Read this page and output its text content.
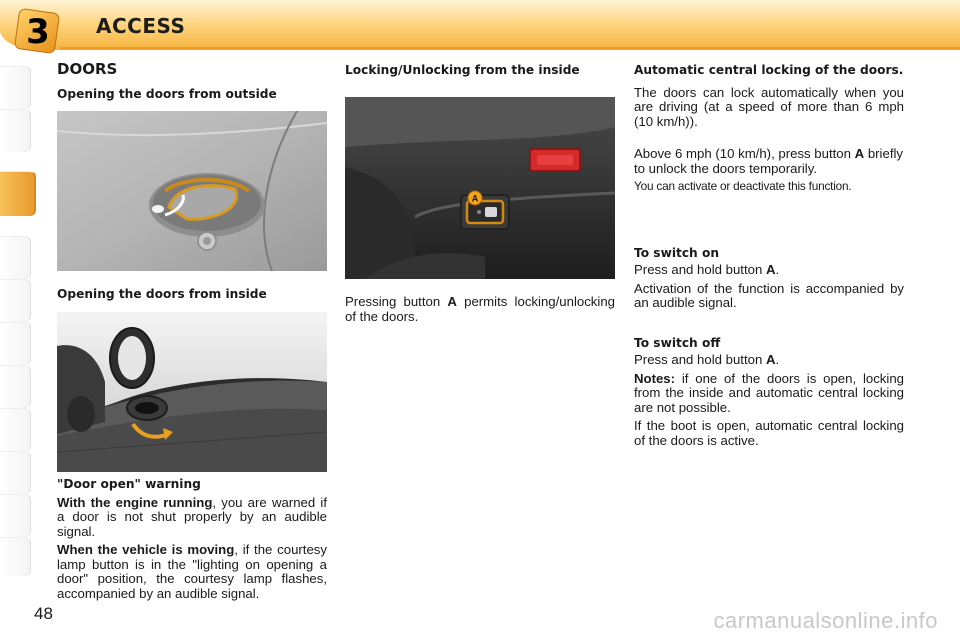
3	ACCESS
DOORS
Opening the doors from outside
Opening the doors from inside
"Door open" warning

With the engine running, you are warned if a door is not shut properly by an audible signal.

When the vehicle is moving, if the courtesy lamp button is in the "lighting on opening a door" position, the courtesy lamp flashes, accompanied by an audible signal.

Locking/Unlocking from the inside
A

Pressing button A permits locking/unlocking of the doors.

Automatic central locking of the doors.

The doors can lock automatically when you are driving (at a speed of more than 6 mph (10 km/h)).

Above 6 mph (10 km/h), press button A briefly to unlock the doors temporarily.

You can activate or deactivate this function.

To switch on

Press and hold button A.

Activation of the function is accompanied by an audible signal.

To switch off

Press and hold button A.

Notes: if one of the doors is open, locking from the inside and automatic central locking are not possible.

If the boot is open, automatic central locking of the doors is active.

48	carmanualsonline.info
